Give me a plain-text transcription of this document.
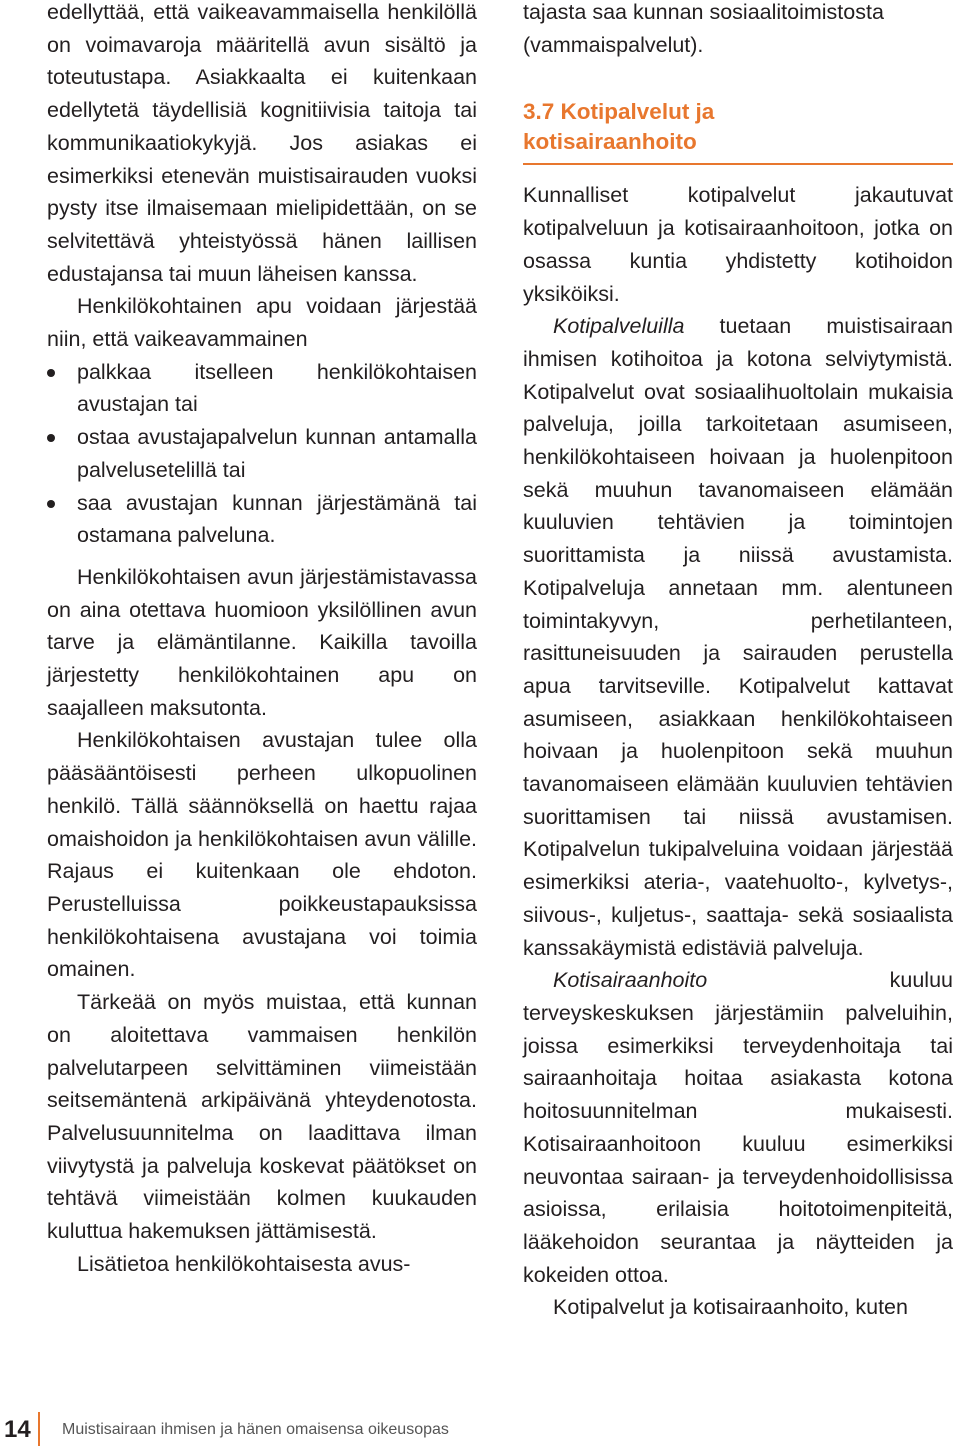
edellyttää, että vaikeavammaisella henkilöllä on voimavaroja määritellä avun sisältö ja toteutustapa. Asiakkaalta ei kuitenkaan edellytetä täydellisiä kognitiivisia taitoja tai kommunikaatiokykyjä. Jos asiakas ei esimerkiksi etenevän muistisairauden vuoksi pysty itse ilmaisemaan mielipidettään, on se selvitettävä yhteistyössä hänen laillisen edustajansa tai muun läheisen kanssa.

Henkilökohtainen apu voidaan järjestää niin, että vaikeavammainen

palkkaa itselleen henkilökohtaisen avustajan tai
ostaa avustajapalvelun kunnan antamalla palvelusetelillä tai
saa avustajan kunnan järjestämänä tai ostamana palveluna.

Henkilökohtaisen avun järjestämistavassa on aina otettava huomioon yksilöllinen avun tarve ja elämäntilanne. Kaikilla tavoilla järjestetty henkilökohtainen apu on saajalleen maksutonta.

Henkilökohtaisen avustajan tulee olla pääsääntöisesti perheen ulkopuolinen henkilö. Tällä säännöksellä on haettu rajaa omaishoidon ja henkilökohtaisen avun välille. Rajaus ei kuitenkaan ole ehdoton. Perustelluissa poikkeustapauksissa henkilökohtaisena avustajana voi toimia omainen.

Tärkeää on myös muistaa, että kunnan on aloitettava vammaisen henkilön palvelutarpeen selvittäminen viimeistään seitsemäntenä arkipäivänä yhteydenotosta. Palvelusuunnitelma on laadittava ilman viivytystä ja palveluja koskevat päätökset on tehtävä viimeistään kolmen kuukauden kuluttua hakemuksen jättämisestä.

Lisätietoa henkilökohtaisesta avus-

tajasta saa kunnan sosiaalitoimistosta (vammaispalvelut).

3.7 Kotipalvelut ja
kotisairaanhoito

Kunnalliset kotipalvelut jakautuvat kotipalveluun ja kotisairaanhoitoon, jotka on osassa kuntia yhdistetty kotihoidon yksiköiksi.

Kotipalveluilla tuetaan muistisairaan ihmisen kotihoitoa ja kotona selviytymistä. Kotipalvelut ovat sosiaalihuoltolain mukaisia palveluja, joilla tarkoitetaan asumiseen, henkilökohtaiseen hoivaan ja huolenpitoon sekä muuhun tavanomaiseen elämään kuuluvien tehtävien ja toimintojen suorittamista ja niissä avustamista. Kotipalveluja annetaan mm. alentuneen toimintakyvyn, perhetilanteen, rasittuneisuuden ja sairauden perustella apua tarvitseville. Kotipalvelut kattavat asumiseen, asiakkaan henkilökohtaiseen hoivaan ja huolenpitoon sekä muuhun tavanomaiseen elämään kuuluvien tehtävien suorittamisen tai niissä avustamisen. Kotipalvelun tukipalveluina voidaan järjestää esimerkiksi ateria-, vaatehuolto-, kylvetys-, siivous-, kuljetus-, saattaja- sekä sosiaalista kanssakäymistä edistäviä palveluja.

Kotisairaanhoito kuuluu terveyskeskuksen järjestämiin palveluihin, joissa esimerkiksi terveydenhoitaja tai sairaanhoitaja hoitaa asiakasta kotona hoitosuunnitelman mukaisesti. Kotisairaanhoitoon kuuluu esimerkiksi neuvontaa sairaan- ja terveydenhoidollisissa asioissa, erilaisia hoitotoimenpiteitä, lääkehoidon seurantaa ja näytteiden ja kokeiden ottoa.

Kotipalvelut ja kotisairaanhoito, kuten

14 Muistisairaan ihmisen ja hänen omaisensa oikeusopas
